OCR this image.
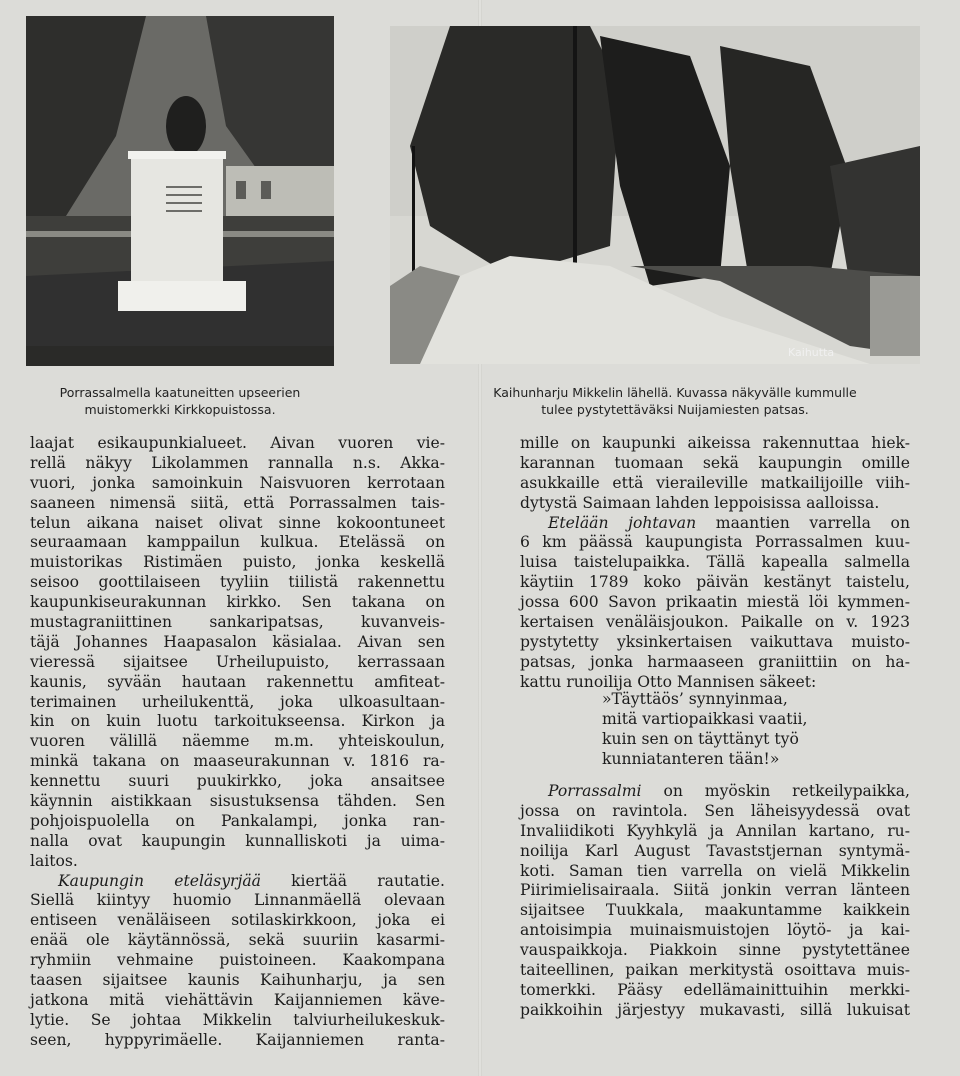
Kaihutta
Porrassalmella kaatuneitten upseerien
muistomerkki Kirkkopuistossa.
Kaihunharju Mikkelin lähellä. Kuvassa näkyvälle kummulle
tulee pystytettäväksi Nuijamiesten patsas.
laajat esikaupunkialueet. Aivan vuoren vie-
rellä näkyy Likolammen rannalla n.s. Akka-
vuori, jonka samoinkuin Naisvuoren kerrotaan
saaneen nimensä siitä, että Porrassalmen tais-
telun aikana naiset olivat sinne kokoontuneet
seuraamaan kamppailun kulkua. Etelässä on
muistorikas Ristimäen puisto, jonka keskellä
seisoo goottilaiseen tyyliin tiilistä rakennettu
kaupunkiseurakunnan kirkko. Sen takana on
mustagraniittinen sankaripatsas, kuvanveis-
täjä Johannes Haapasalon käsialaa. Aivan sen
vieressä sijaitsee Urheilupuisto, kerrassaan
kaunis, syvään hautaan rakennettu amfiteat-
terimainen urheilukenttä, joka ulkoasultaan-
kin on kuin luotu tarkoitukseensa. Kirkon ja
vuoren välillä näemme m.m. yhteiskoulun,
minkä takana on maaseurakunnan v. 1816 ra-
kennettu suuri puukirkko, joka ansaitsee
käynnin aistikkaan sisustuksensa tähden. Sen
pohjoispuolella on Pankalampi, jonka ran-
nalla ovat kaupungin kunnalliskoti ja uima-
laitos.
Kaupungin eteläsyrjää kiertää rautatie.
Siellä kiintyy huomio Linnanmäellä olevaan
entiseen venäläiseen sotilaskirkkoon, joka ei
enää ole käytännössä, sekä suuriin kasarmi-
ryhmiin vehmaine puistoineen. Kaakompana
taasen sijaitsee kaunis Kaihunharju, ja sen
jatkona mitä viehättävin Kaijanniemen käve-
lytie. Se johtaa Mikkelin talviurheilukeskuk-
seen, hyppyrimäelle. Kaijanniemen ranta-
mille on kaupunki aikeissa rakennuttaa hiek-
karannan tuomaan sekä kaupungin omille
asukkaille että vieraileville matkailijoille viih-
dytystä Saimaan lahden leppoisissa aalloissa.
Etelään johtavan maantien varrella on
6 km päässä kaupungista Porrassalmen kuu-
luisa taistelupaikka. Tällä kapealla salmella
käytiin 1789 koko päivän kestänyt taistelu,
jossa 600 Savon prikaatin miestä löi kymmen-
kertaisen venäläisjoukon. Paikalle on v. 1923
pystytetty yksinkertaisen vaikuttava muisto-
patsas, jonka harmaaseen graniittiin on ha-
kattu runoilija Otto Mannisen säkeet:
»Täyttäös’ synnyinmaa,
mitä vartiopaikkasi vaatii,
kuin sen on täyttänyt työ
kunniatanteren tään!»
Porrassalmi on myöskin retkeilypaikka,
jossa on ravintola. Sen läheisyydessä ovat
Invaliidikoti Kyyhkylä ja Annilan kartano, ru-
noilija Karl August Tavaststjernan syntymä-
koti. Saman tien varrella on vielä Mikkelin
Piirimielisairaala. Siitä jonkin verran länteen
sijaitsee Tuukkala, maakuntamme kaikkein
antoisimpia muinaismuistojen löytö- ja kai-
vauspaikkoja. Piakkoin sinne pystytettänee
taiteellinen, paikan merkitystä osoittava muis-
tomerkki. Pääsy edellämainittuihin merkki-
paikkoihin järjestyy mukavasti, sillä lukuisat
